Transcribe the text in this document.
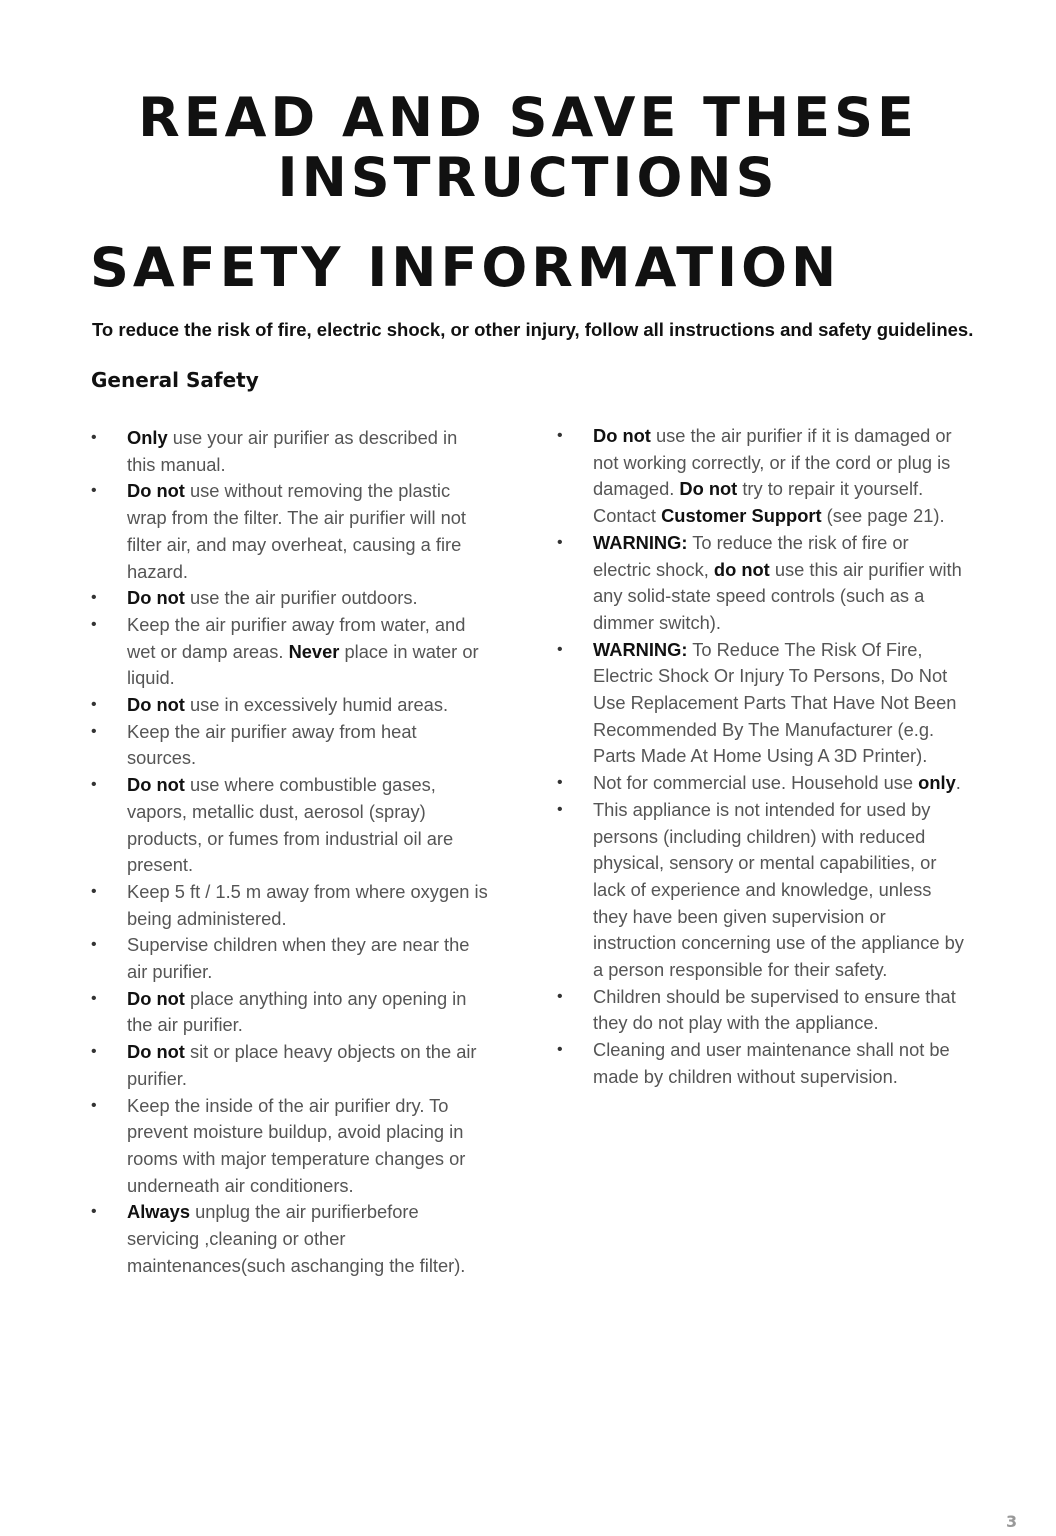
READ AND SAVE THESE
INSTRUCTIONS
SAFETY INFORMATION

To reduce the risk of fire, electric shock, or other injury, follow all instructions and safety guidelines.

General Safety
• Only use your air purifier as described in this manual.
• Do not use without removing the plastic wrap from the filter. The air purifier will not filter air, and may overheat, causing a fire hazard.
• Do not use the air purifier outdoors.
• Keep the air purifier away from water, and wet or damp areas. Never place in water or liquid.
• Do not use in excessively humid areas.
• Keep the air purifier away from heat sources.
• Do not use where combustible gases, vapors, metallic dust, aerosol (spray) products, or fumes from industrial oil are present.
• Keep 5 ft / 1.5 m away from where oxygen is being administered.
• Supervise children when they are near the air purifier.
• Do not place anything into any opening in the air purifier.
• Do not sit or place heavy objects on the air purifier.
• Keep the inside of the air purifier dry. To prevent moisture buildup, avoid placing in rooms with major temperature changes or underneath air conditioners.
• Always unplug the air purifierbefore servicing ,cleaning or other maintenances(such aschanging the filter).
• Do not use the air purifier if it is damaged or not working correctly, or if the cord or plug is damaged. Do not try to repair it yourself. Contact Customer Support (see page 21).
• WARNING: To reduce the risk of fire or electric shock, do not use this air purifier with any solid-state speed controls (such as a dimmer switch).
• WARNING: To Reduce The Risk Of Fire, Electric Shock Or Injury To Persons, Do Not Use Replacement Parts That Have Not Been Recommended By The Manufacturer (e.g. Parts Made At Home Using A 3D Printer).
• Not for commercial use. Household use only.
• This appliance is not intended for used by persons (including children) with reduced physical, sensory or mental capabilities, or lack of experience and knowledge, unless they have been given supervision or instruction concerning use of the appliance by a person responsible for their safety.
• Children should be supervised to ensure that they do not play with the appliance.
• Cleaning and user maintenance shall not be made by children without supervision.
3
